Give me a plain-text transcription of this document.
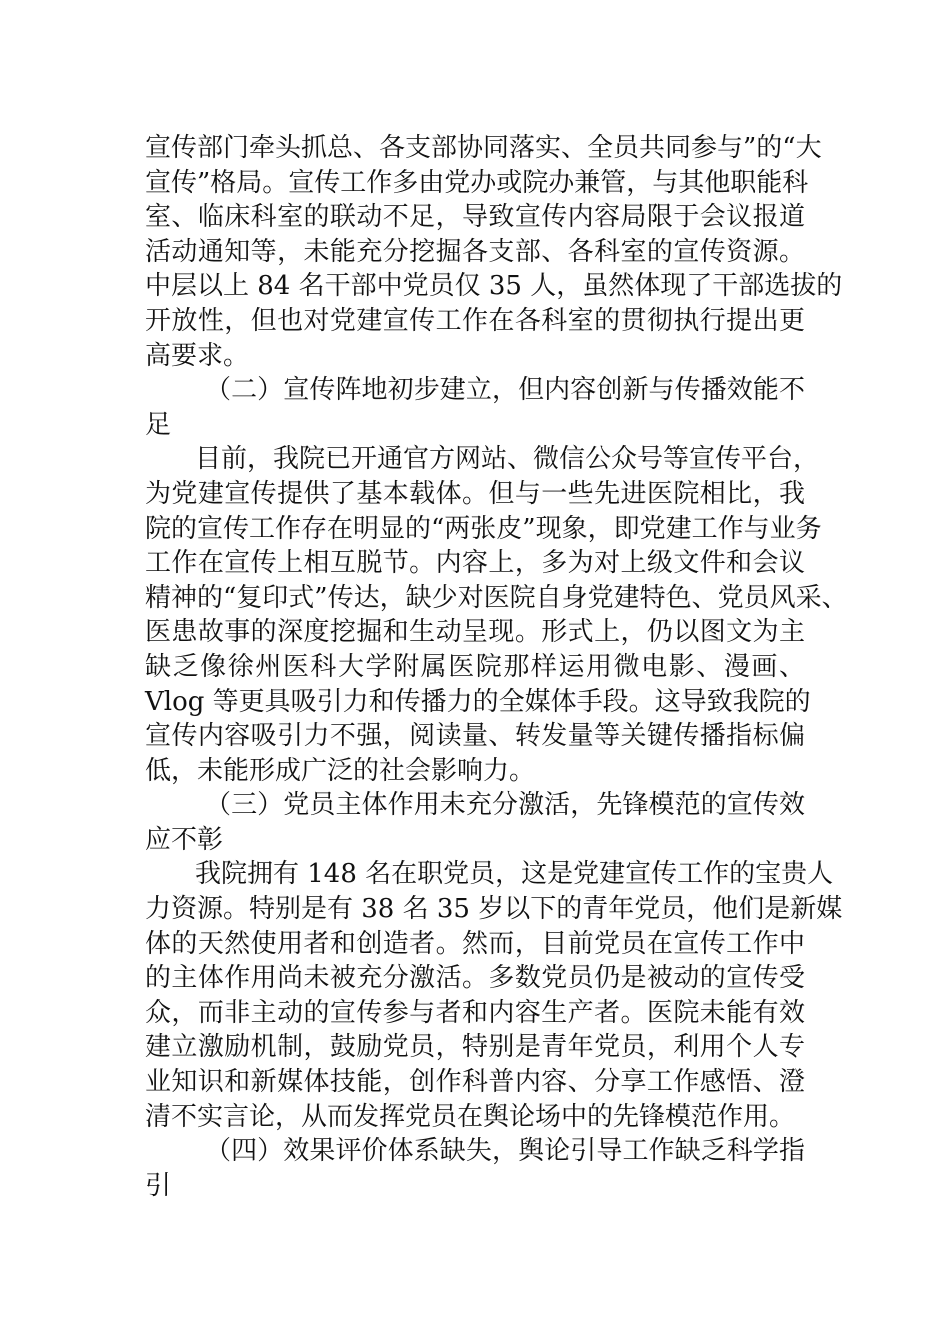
宣传部门牵头抓总、各支部协同落实、全员共同参与”的“大
宣传”格局。宣传工作多由党办或院办兼管，与其他职能科
室、临床科室的联动不足，导致宣传内容局限于会议报道
活动通知等，未能充分挖掘各支部、各科室的宣传资源。
中层以上 84 名干部中党员仅 35 人，虽然体现了干部选拔的
开放性，但也对党建宣传工作在各科室的贯彻执行提出更
高要求。
（二）宣传阵地初步建立，但内容创新与传播效能不
足
目前，我院已开通官方网站、微信公众号等宣传平台，
为党建宣传提供了基本载体。但与一些先进医院相比，我
院的宣传工作存在明显的“两张皮”现象，即党建工作与业务
工作在宣传上相互脱节。内容上，多为对上级文件和会议
精神的“复印式”传达，缺少对医院自身党建特色、党员风采、
医患故事的深度挖掘和生动呈现。形式上，仍以图文为主
缺乏像徐州医科大学附属医院那样运用微电影、漫画、
Vlog 等更具吸引力和传播力的全媒体手段。这导致我院的
宣传内容吸引力不强，阅读量、转发量等关键传播指标偏
低，未能形成广泛的社会影响力。
（三）党员主体作用未充分激活，先锋模范的宣传效
应不彰
我院拥有 148 名在职党员，这是党建宣传工作的宝贵人
力资源。特别是有 38 名 35 岁以下的青年党员，他们是新媒
体的天然使用者和创造者。然而，目前党员在宣传工作中
的主体作用尚未被充分激活。多数党员仍是被动的宣传受
众，而非主动的宣传参与者和内容生产者。医院未能有效
建立激励机制，鼓励党员，特别是青年党员，利用个人专
业知识和新媒体技能，创作科普内容、分享工作感悟、澄
清不实言论，从而发挥党员在舆论场中的先锋模范作用。
（四）效果评价体系缺失，舆论引导工作缺乏科学指
引
